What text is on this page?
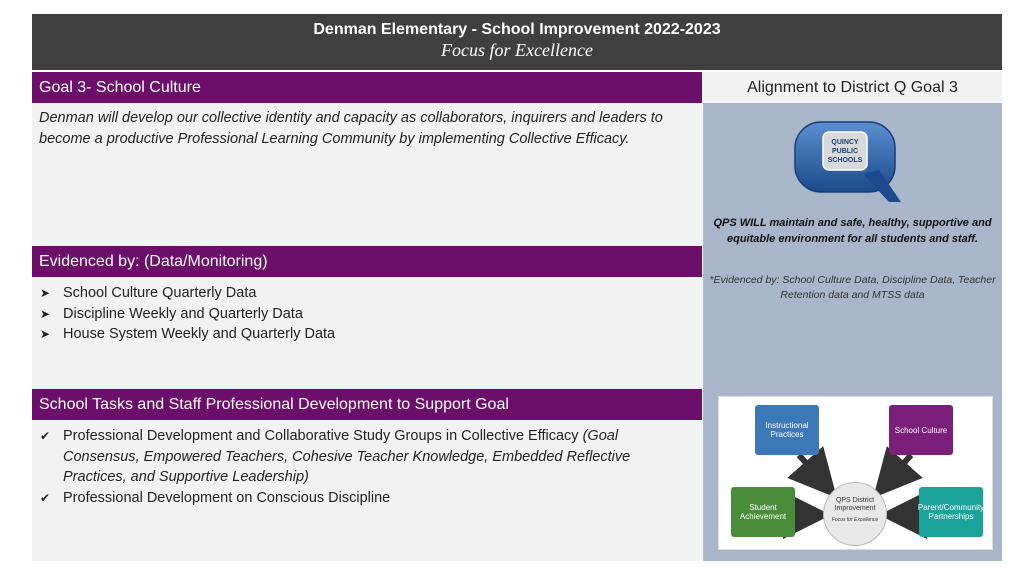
Denman Elementary - School Improvement 2022-2023
Focus for Excellence
Goal 3- School Culture
Denman will develop our collective identity and capacity as collaborators, inquirers and leaders to become a productive Professional Learning Community by implementing Collective Efficacy.
Evidenced by: (Data/Monitoring)
➤ School Culture Quarterly Data
➤ Discipline Weekly and Quarterly Data
➤ House System Weekly and Quarterly Data
School Tasks and Staff Professional Development to Support Goal
✔ Professional Development and Collaborative Study Groups in Collective Efficacy (Goal Consensus, Empowered Teachers, Cohesive Teacher Knowledge, Embedded Reflective Practices, and Supportive Leadership)
✔ Professional Development on Conscious Discipline
Alignment to District Q Goal 3
QUINCY
PUBLIC
SCHOOLS
QPS WILL maintain and safe, healthy, supportive and equitable environment for all students and staff.
*Evidenced by: School Culture Data, Discipline Data, Teacher Retention data and MTSS data
Instructional Practices	School Culture
Student Achievement
Parent/Community Partnerships
QPS District Improvement
Focus for Excellence
